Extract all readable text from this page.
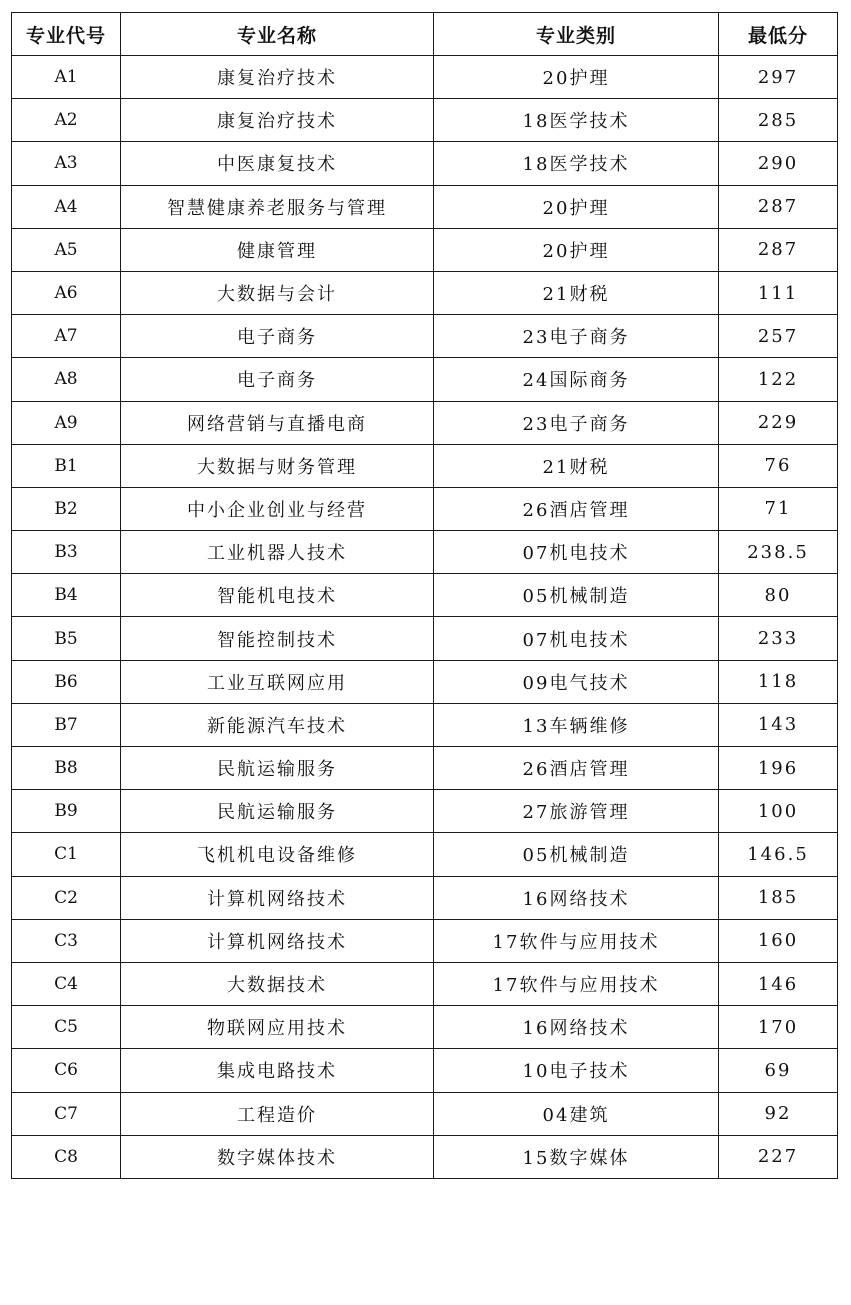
专业代号	专业名称	专业类别	最低分
A1	康复治疗技术	20护理	297
A2	康复治疗技术	18医学技术	285
A3	中医康复技术	18医学技术	290
A4	智慧健康养老服务与管理	20护理	287
A5	健康管理	20护理	287
A6	大数据与会计	21财税	111
A7	电子商务	23电子商务	257
A8	电子商务	24国际商务	122
A9	网络营销与直播电商	23电子商务	229
B1	大数据与财务管理	21财税	76
B2	中小企业创业与经营	26酒店管理	71
B3	工业机器人技术	07机电技术	238.5
B4	智能机电技术	05机械制造	80
B5	智能控制技术	07机电技术	233
B6	工业互联网应用	09电气技术	118
B7	新能源汽车技术	13车辆维修	143
B8	民航运输服务	26酒店管理	196
B9	民航运输服务	27旅游管理	100
C1	飞机机电设备维修	05机械制造	146.5
C2	计算机网络技术	16网络技术	185
C3	计算机网络技术	17软件与应用技术	160
C4	大数据技术	17软件与应用技术	146
C5	物联网应用技术	16网络技术	170
C6	集成电路技术	10电子技术	69
C7	工程造价	04建筑	92
C8	数字媒体技术	15数字媒体	227
